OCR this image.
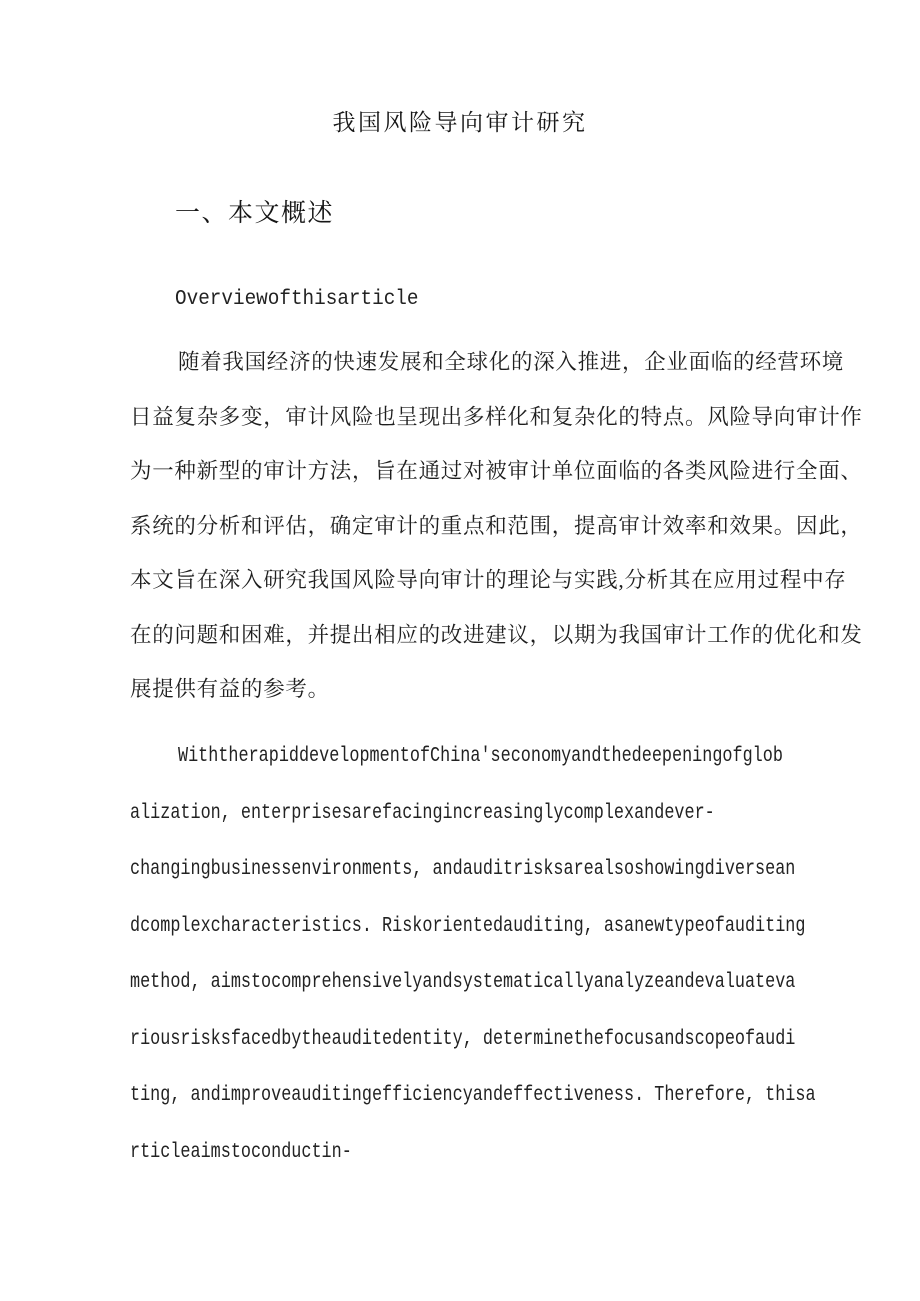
我国风险导向审计研究
一、本文概述
Overviewofthisarticle
随着我国经济的快速发展和全球化的深入推进，企业面临的经营环境
日益复杂多变，审计风险也呈现出多样化和复杂化的特点。风险导向审计作
为一种新型的审计方法，旨在通过对被审计单位面临的各类风险进行全面、
系统的分析和评估，确定审计的重点和范围，提高审计效率和效果。因此，
本文旨在深入研究我国风险导向审计的理论与实践,分析其在应用过程中存
在的问题和困难，并提出相应的改进建议，以期为我国审计工作的优化和发
展提供有益的参考。
WiththerapiddevelopmentofChina'seconomyandthedeepeningofglob
alization, enterprisesarefacingincreasinglycomplexandever-
changingbusinessenvironments, andauditrisksarealsoshowingdiversean
dcomplexcharacteristics. Riskorientedauditing, asanewtypeofauditing
method, aimstocomprehensivelyandsystematicallyanalyzeandevaluateva
riousrisksfacedbytheauditedentity, determinethefocusandscopeofaudi
ting, andimproveauditingefficiencyandeffectiveness. Therefore, thisa
rticleaimstoconductin-
